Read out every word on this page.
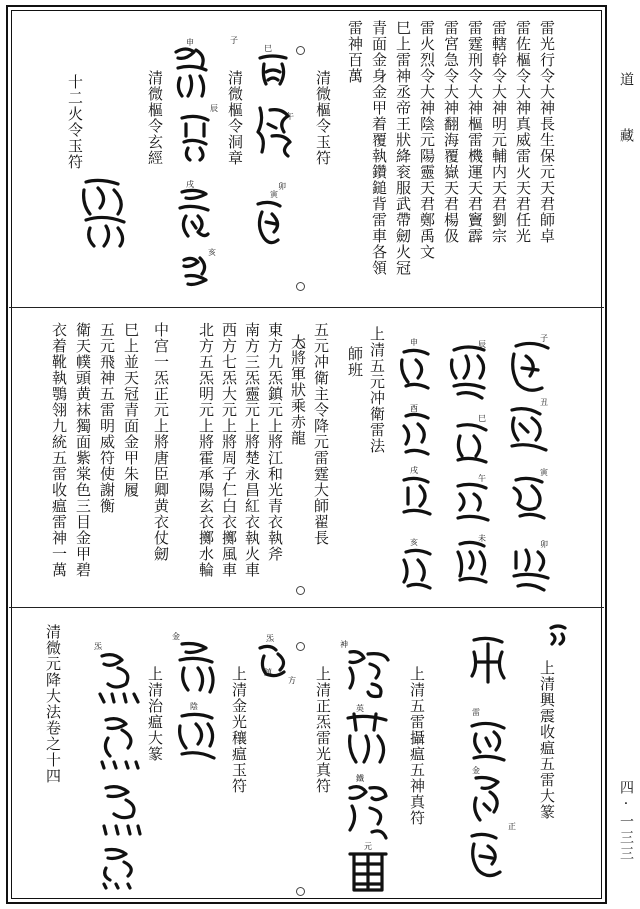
道　藏
四·一三三
雷光行令大神長生保元天君師卓
雷佐樞令大神真威雷火天君任光
雷轄幹令大神明元輔内天君劉宗
雷霆刑令大神樞雷機運天君竇霹
雷宮急令大神翻海覆嶽天君楊伋
雷火烈令大神陰元陽靈天君鄭禹文
巳上雷神丞帝王狀絳衮服武帶劒火冠
青面金身金甲着覆執鑽鎚背雷車各領
雷神百萬
清微樞令玉符
清微樞令洞章
清微樞令玄經
十二火令玉符
巳
午
寅
申
辰
戌
亥
卯
子
上清五元冲衛雷法
師班
五元冲衛主令降元雷霆大師翟長
大將軍狀乘赤龍
東方九炁鎮元上將江和光青衣執斧
南方三炁靈元上將楚永昌紅衣執火車
西方七炁大元上將周子仁白衣擲風車
北方五炁明元上將霍承陽玄衣擲水輪
中宫一炁正元上將唐臣卿黄衣仗劒
巳上並天冠青面金甲朱履
五元飛神五雷明威符使謝衡
衛天幞頭黄袜獨面紫棠色三目金甲碧
衣着靴執鶚翎九統五雷收瘟雷神一萬	子
丑
寅
卯
辰
巳
午
未
申
酉
戌
亥
上清興震收瘟五雷大篆
上清五雷攝瘟五神真符
上清正炁雷光真符
上清金光穰瘟玉符
上清治瘟大篆
清微元降大法卷之十四	雷
金
正
神
英
鐵
元
金
陰
炁
鎮
方
炁
